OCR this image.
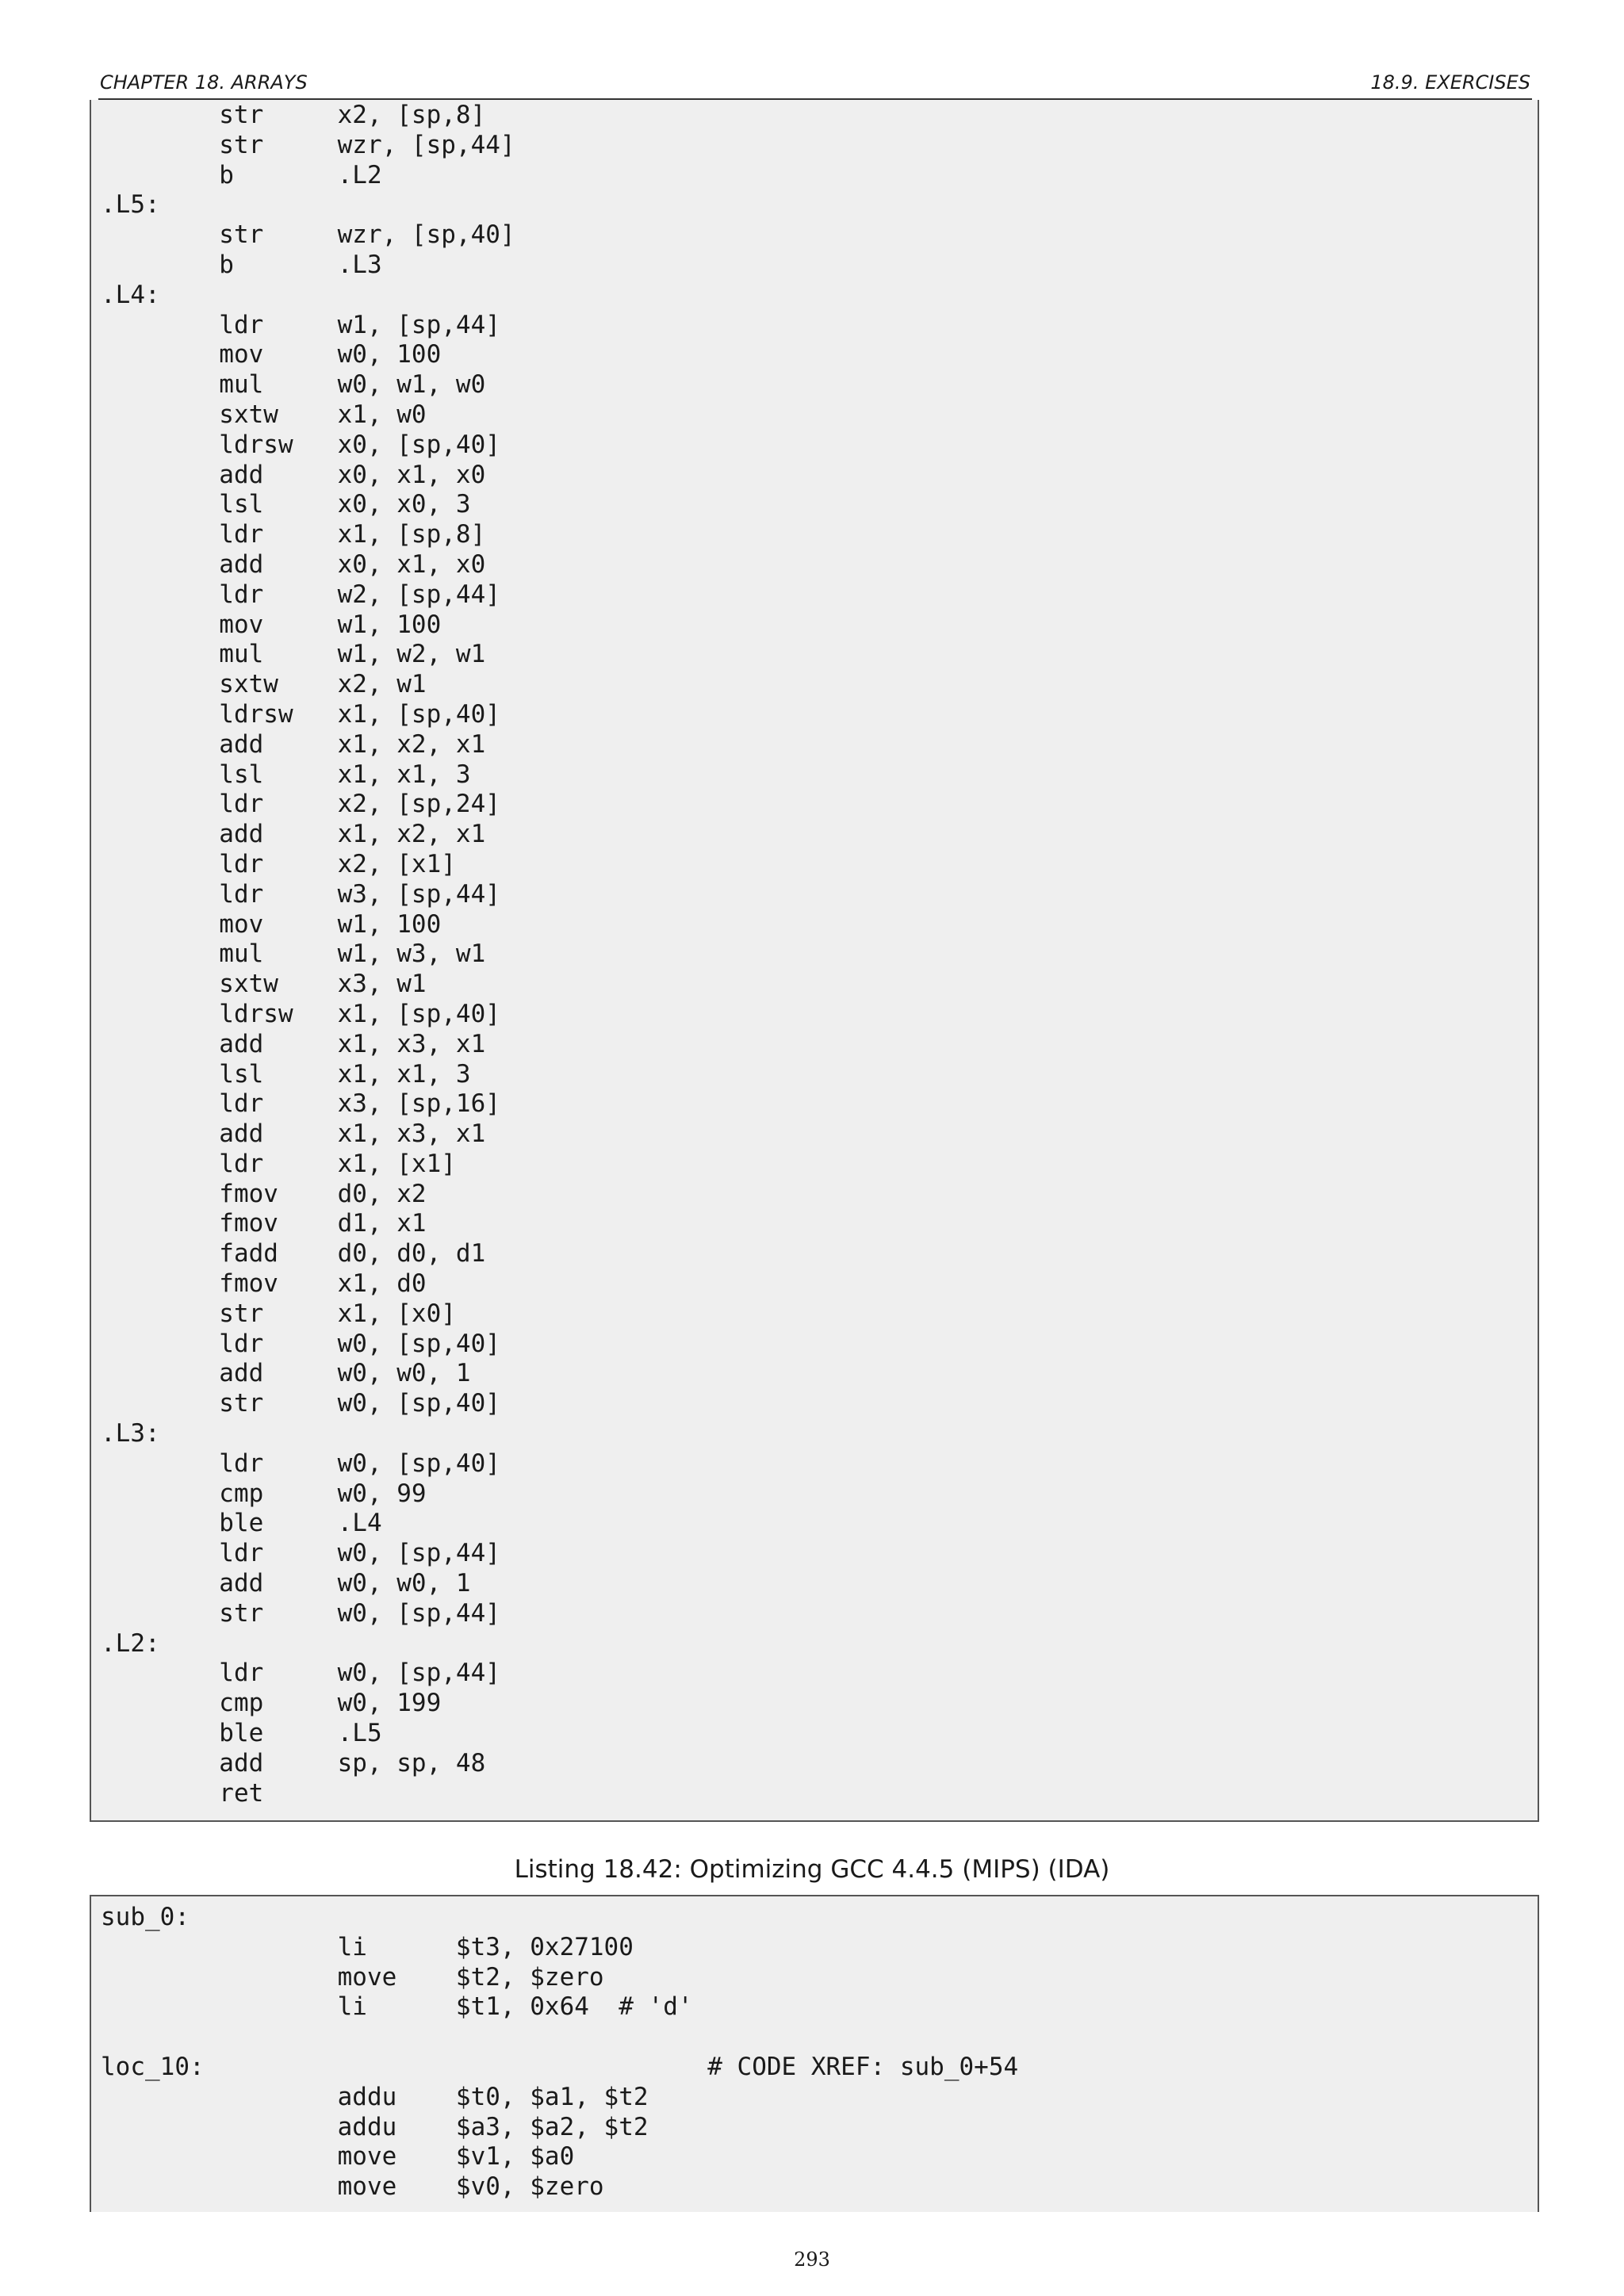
CHAPTER 18. ARRAYS	18.9. EXERCISES
str     x2, [sp,8]
str     wzr, [sp,44]
b       .L2
.L5:
str     wzr, [sp,40]
b       .L3
.L4:
ldr     w1, [sp,44]
mov     w0, 100
mul     w0, w1, w0
sxtw    x1, w0
ldrsw   x0, [sp,40]
add     x0, x1, x0
lsl     x0, x0, 3
ldr     x1, [sp,8]
add     x0, x1, x0
ldr     w2, [sp,44]
mov     w1, 100
mul     w1, w2, w1
sxtw    x2, w1
ldrsw   x1, [sp,40]
add     x1, x2, x1
lsl     x1, x1, 3
ldr     x2, [sp,24]
add     x1, x2, x1
ldr     x2, [x1]
ldr     w3, [sp,44]
mov     w1, 100
mul     w1, w3, w1
sxtw    x3, w1
ldrsw   x1, [sp,40]
add     x1, x3, x1
lsl     x1, x1, 3
ldr     x3, [sp,16]
add     x1, x3, x1
ldr     x1, [x1]
fmov    d0, x2
fmov    d1, x1
fadd    d0, d0, d1
fmov    x1, d0
str     x1, [x0]
ldr     w0, [sp,40]
add     w0, w0, 1
str     w0, [sp,40]
.L3:
ldr     w0, [sp,40]
cmp     w0, 99
ble     .L4
ldr     w0, [sp,44]
add     w0, w0, 1
str     w0, [sp,44]
.L2:
ldr     w0, [sp,44]
cmp     w0, 199
ble     .L5
add     sp, sp, 48
ret
Listing 18.42: Optimizing GCC 4.4.5 (MIPS) (IDA)
sub_0:
li      $t3, 0x27100
move    $t2, $zero
li      $t1, 0x64  # 'd'
loc_10:                                  # CODE XREF: sub_0+54
addu    $t0, $a1, $t2
addu    $a3, $a2, $t2
move    $v1, $a0
move    $v0, $zero
293
